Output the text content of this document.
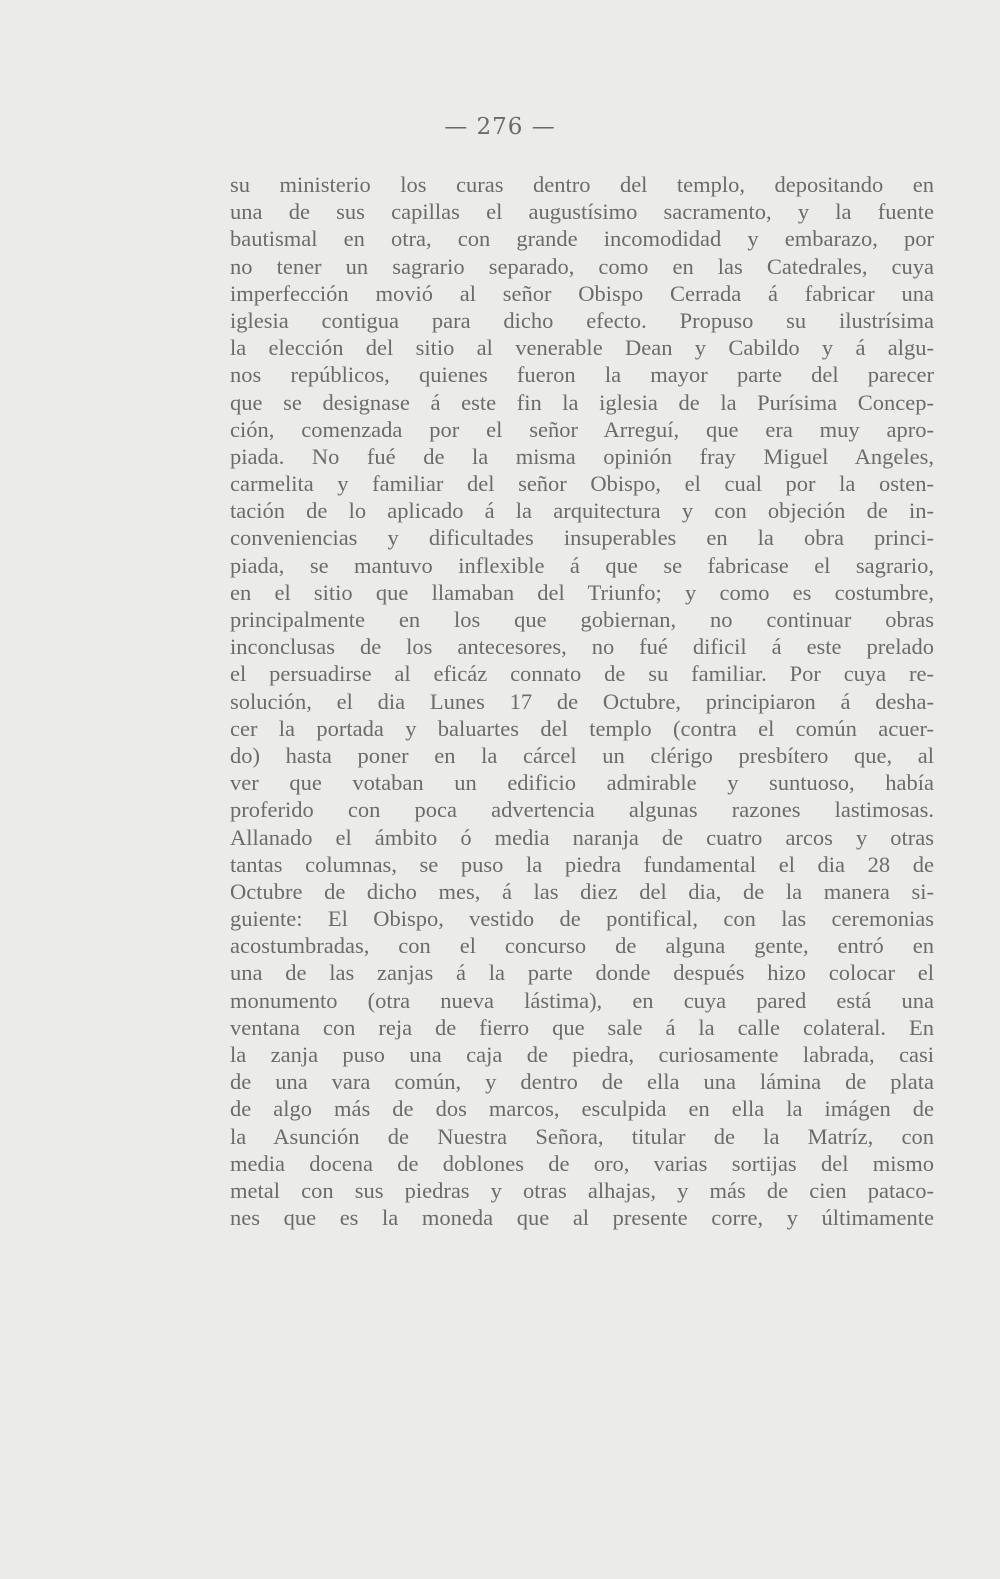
— 276 —
su ministerio los curas dentro del templo, depositando en
una de sus capillas el augustísimo sacramento, y la fuente
bautismal en otra, con grande incomodidad y embarazo, por
no tener un sagrario separado, como en las Catedrales, cuya
imperfección movió al señor Obispo Cerrada á fabricar una
iglesia contigua para dicho efecto. Propuso su ilustrísima
la elección del sitio al venerable Dean y Cabildo y á algu-
nos repúblicos, quienes fueron la mayor parte del parecer
que se designase á este fin la iglesia de la Purísima Concep-
ción, comenzada por el señor Arreguí, que era muy apro-
piada. No fué de la misma opinión fray Miguel Angeles,
carmelita y familiar del señor Obispo, el cual por la osten-
tación de lo aplicado á la arquitectura y con objeción de in-
conveniencias y dificultades insuperables en la obra princi-
piada, se mantuvo inflexible á que se fabricase el sagrario,
en el sitio que llamaban del Triunfo; y como es costumbre,
principalmente en los que gobiernan, no continuar obras
inconclusas de los antecesores, no fué dificil á este prelado
el persuadirse al eficáz connato de su familiar. Por cuya re-
solución, el dia Lunes 17 de Octubre, principiaron á desha-
cer la portada y baluartes del templo (contra el común acuer-
do) hasta poner en la cárcel un clérigo presbítero que, al
ver que votaban un edificio admirable y suntuoso, había
proferido con poca advertencia algunas razones lastimosas.
Allanado el ámbito ó media naranja de cuatro arcos y otras
tantas columnas, se puso la piedra fundamental el dia 28 de
Octubre de dicho mes, á las diez del dia, de la manera si-
guiente: El Obispo, vestido de pontifical, con las ceremonias
acostumbradas, con el concurso de alguna gente, entró en
una de las zanjas á la parte donde después hizo colocar el
monumento (otra nueva lástima), en cuya pared está una
ventana con reja de fierro que sale á la calle colateral. En
la zanja puso una caja de piedra, curiosamente labrada, casi
de una vara común, y dentro de ella una lámina de plata
de algo más de dos marcos, esculpida en ella la imágen de
la Asunción de Nuestra Señora, titular de la Matríz, con
media docena de doblones de oro, varias sortijas del mismo
metal con sus piedras y otras alhajas, y más de cien pataco-
nes que es la moneda que al presente corre, y últimamente
